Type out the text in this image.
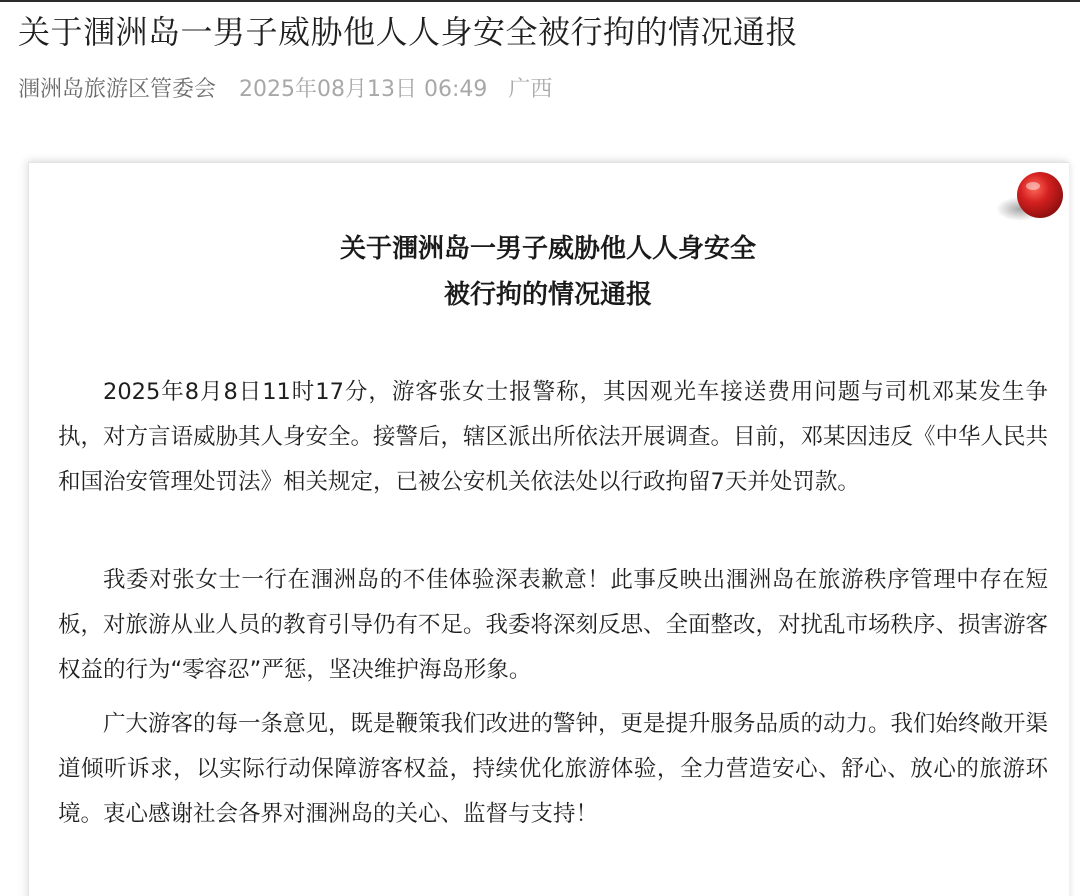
关于涠洲岛一男子威胁他人人身安全被行拘的情况通报
涠洲岛旅游区管委会 2025年08月13日 06:49 广西
关于涠洲岛一男子威胁他人人身安全
被行拘的情况通报

2025年8月8日11时17分，游客张女士报警称，其因观光车接送费用问题与司机邓某发生争执，对方言语威胁其人身安全。接警后，辖区派出所依法开展调查。目前，邓某因违反《中华人民共和国治安管理处罚法》相关规定，已被公安机关依法处以行政拘留7天并处罚款。

我委对张女士一行在涠洲岛的不佳体验深表歉意！此事反映出涠洲岛在旅游秩序管理中存在短板，对旅游从业人员的教育引导仍有不足。我委将深刻反思、全面整改，对扰乱市场秩序、损害游客权益的行为“零容忍”严惩，坚决维护海岛形象。

广大游客的每一条意见，既是鞭策我们改进的警钟，更是提升服务品质的动力。我们始终敞开渠道倾听诉求，以实际行动保障游客权益，持续优化旅游体验，全力营造安心、舒心、放心的旅游环境。衷心感谢社会各界对涠洲岛的关心、监督与支持！
